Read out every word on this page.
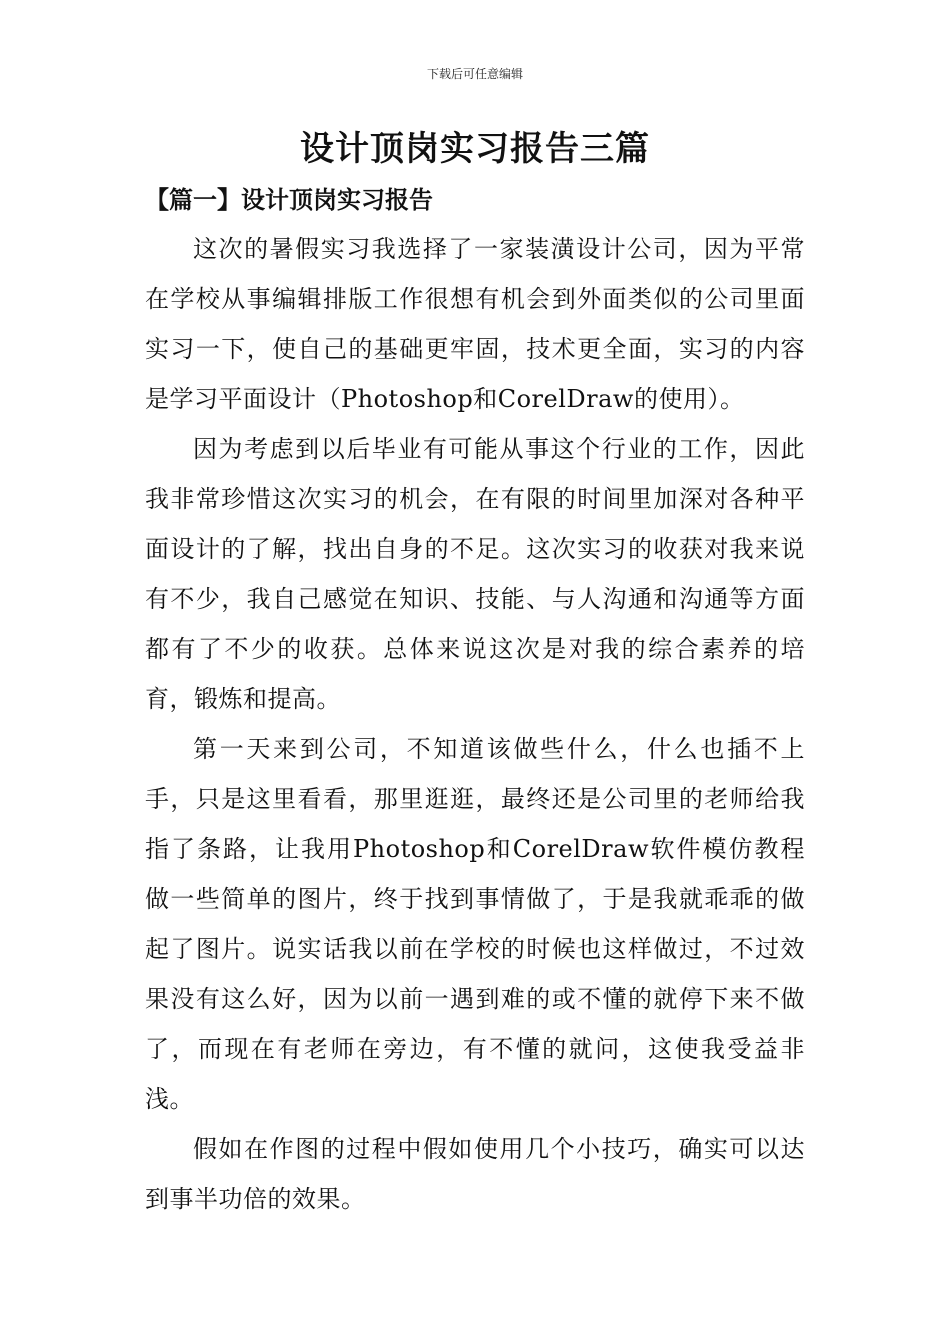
下载后可任意编辑
设计顶岗实习报告三篇
【篇一】设计顶岗实习报告

这次的暑假实习我选择了一家装潢设计公司，因为平常在学校从事编辑排版工作很想有机会到外面类似的公司里面实习一下，使自己的基础更牢固，技术更全面，实习的内容是学习平面设计（Photoshop和CorelDraw的使用）。

因为考虑到以后毕业有可能从事这个行业的工作，因此我非常珍惜这次实习的机会，在有限的时间里加深对各种平面设计的了解，找出自身的不足。这次实习的收获对我来说有不少，我自己感觉在知识、技能、与人沟通和沟通等方面都有了不少的收获。总体来说这次是对我的综合素养的培育，锻炼和提高。

第一天来到公司，不知道该做些什么，什么也插不上手，只是这里看看，那里逛逛，最终还是公司里的老师给我指了条路，让我用Photoshop和CorelDraw软件模仿教程做一些简单的图片，终于找到事情做了，于是我就乖乖的做起了图片。说实话我以前在学校的时候也这样做过，不过效果没有这么好，因为以前一遇到难的或不懂的就停下来不做了，而现在有老师在旁边，有不懂的就问，这使我受益非浅。

假如在作图的过程中假如使用几个小技巧，确实可以达到事半功倍的效果。
